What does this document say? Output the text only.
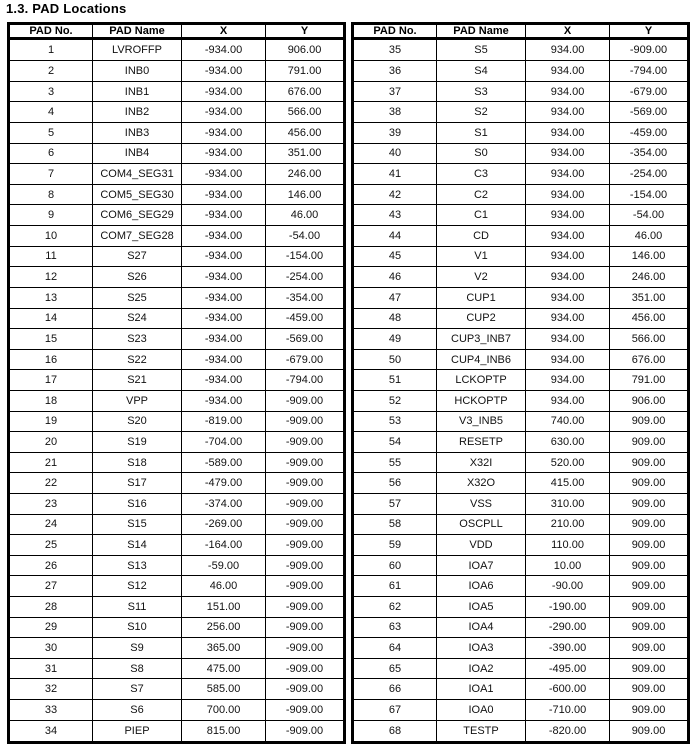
1.3. PAD Locations
PAD No.	PAD Name	X	Y
1	LVROFFP	-934.00	906.00
2	INB0	-934.00	791.00
3	INB1	-934.00	676.00
4	INB2	-934.00	566.00
5	INB3	-934.00	456.00
6	INB4	-934.00	351.00
7	COM4_SEG31	-934.00	246.00
8	COM5_SEG30	-934.00	146.00
9	COM6_SEG29	-934.00	46.00
10	COM7_SEG28	-934.00	-54.00
11	S27	-934.00	-154.00
12	S26	-934.00	-254.00
13	S25	-934.00	-354.00
14	S24	-934.00	-459.00
15	S23	-934.00	-569.00
16	S22	-934.00	-679.00
17	S21	-934.00	-794.00
18	VPP	-934.00	-909.00
19	S20	-819.00	-909.00
20	S19	-704.00	-909.00
21	S18	-589.00	-909.00
22	S17	-479.00	-909.00
23	S16	-374.00	-909.00
24	S15	-269.00	-909.00
25	S14	-164.00	-909.00
26	S13	-59.00	-909.00
27	S12	46.00	-909.00
28	S11	151.00	-909.00
29	S10	256.00	-909.00
30	S9	365.00	-909.00
31	S8	475.00	-909.00
32	S7	585.00	-909.00
33	S6	700.00	-909.00
34	PIEP	815.00	-909.00
PAD No.	PAD Name	X	Y
35	S5	934.00	-909.00
36	S4	934.00	-794.00
37	S3	934.00	-679.00
38	S2	934.00	-569.00
39	S1	934.00	-459.00
40	S0	934.00	-354.00
41	C3	934.00	-254.00
42	C2	934.00	-154.00
43	C1	934.00	-54.00
44	CD	934.00	46.00
45	V1	934.00	146.00
46	V2	934.00	246.00
47	CUP1	934.00	351.00
48	CUP2	934.00	456.00
49	CUP3_INB7	934.00	566.00
50	CUP4_INB6	934.00	676.00
51	LCKOPTP	934.00	791.00
52	HCKOPTP	934.00	906.00
53	V3_INB5	740.00	909.00
54	RESETP	630.00	909.00
55	X32I	520.00	909.00
56	X32O	415.00	909.00
57	VSS	310.00	909.00
58	OSCPLL	210.00	909.00
59	VDD	110.00	909.00
60	IOA7	10.00	909.00
61	IOA6	-90.00	909.00
62	IOA5	-190.00	909.00
63	IOA4	-290.00	909.00
64	IOA3	-390.00	909.00
65	IOA2	-495.00	909.00
66	IOA1	-600.00	909.00
67	IOA0	-710.00	909.00
68	TESTP	-820.00	909.00
